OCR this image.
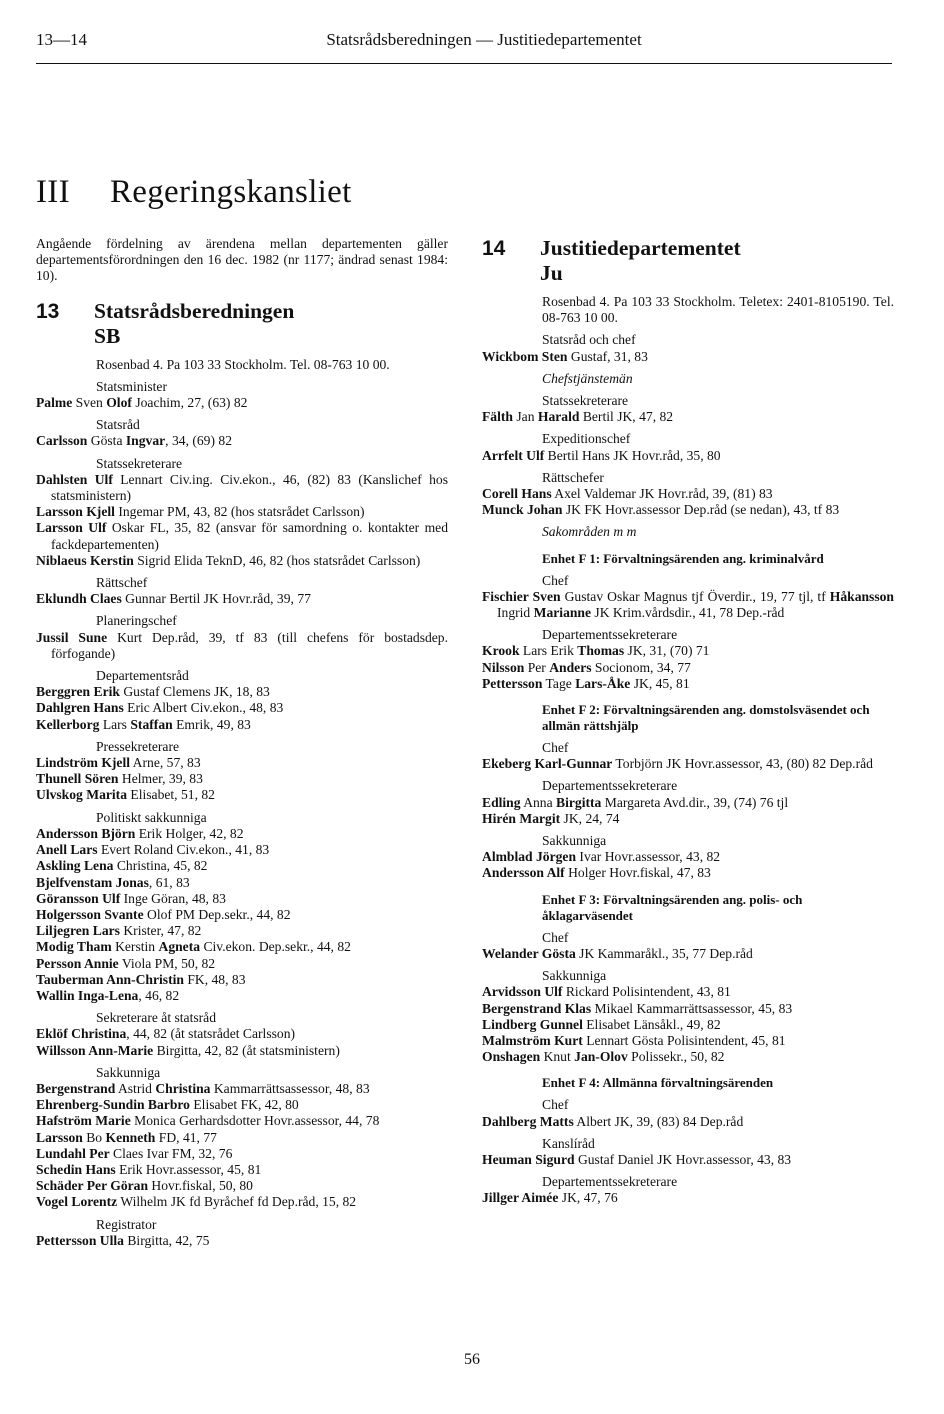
13—14	Statsrådsberedningen — Justitiedepartementet
III Regeringskansliet
Angående fördelning av ärendena mellan departementen gäller departementsförordningen den 16 dec. 1982 (nr 1177; ändrad senast 1984: 10).
13 Statsrådsberedningen
SB
Rosenbad 4. Pa 103 33 Stockholm. Tel. 08-763 10 00.
Statsminister
Palme Sven Olof Joachim, 27, (63) 82
Statsråd
Carlsson Gösta Ingvar, 34, (69) 82
Statssekreterare
Dahlsten Ulf Lennart Civ.ing. Civ.ekon., 46, (82) 83 (Kanslichef hos statsministern)
Larsson Kjell Ingemar PM, 43, 82 (hos statsrådet Carlsson)
Larsson Ulf Oskar FL, 35, 82 (ansvar för samordning o. kontakter med fackdepartementen)
Niblaeus Kerstin Sigrid Elida TeknD, 46, 82 (hos statsrådet Carlsson)
Rättschef
Eklundh Claes Gunnar Bertil JK Hovr.råd, 39, 77
Planeringschef
Jussil Sune Kurt Dep.råd, 39, tf 83 (till chefens för bostadsdep. förfogande)
Departementsråd
Berggren Erik Gustaf Clemens JK, 18, 83
Dahlgren Hans Eric Albert Civ.ekon., 48, 83
Kellerborg Lars Staffan Emrik, 49, 83
Pressekreterare
Lindström Kjell Arne, 57, 83
Thunell Sören Helmer, 39, 83
Ulvskog Marita Elisabet, 51, 82
Politiskt sakkunniga
Andersson Björn Erik Holger, 42, 82
Anell Lars Evert Roland Civ.ekon., 41, 83
Askling Lena Christina, 45, 82
Bjelfvenstam Jonas, 61, 83
Göransson Ulf Inge Göran, 48, 83
Holgersson Svante Olof PM Dep.sekr., 44, 82
Liljegren Lars Krister, 47, 82
Modig Tham Kerstin Agneta Civ.ekon. Dep.sekr., 44, 82
Persson Annie Viola PM, 50, 82
Tauberman Ann-Christin FK, 48, 83
Wallin Inga-Lena, 46, 82
Sekreterare åt statsråd
Eklöf Christina, 44, 82 (åt statsrådet Carlsson)
Willsson Ann-Marie Birgitta, 42, 82 (åt statsministern)
Sakkunniga
Bergenstrand Astrid Christina Kammarrättsassessor, 48, 83
Ehrenberg-Sundin Barbro Elisabet FK, 42, 80
Hafström Marie Monica Gerhardsdotter Hovr.assessor, 44, 78
Larsson Bo Kenneth FD, 41, 77
Lundahl Per Claes Ivar FM, 32, 76
Schedin Hans Erik Hovr.assessor, 45, 81
Schäder Per Göran Hovr.fiskal, 50, 80
Vogel Lorentz Wilhelm JK fd Byråchef fd Dep.råd, 15, 82
Registrator
Pettersson Ulla Birgitta, 42, 75
14 Justitiedepartementet
Ju
Rosenbad 4. Pa 103 33 Stockholm. Teletex: 2401-8105190. Tel. 08-763 10 00.
Statsråd och chef
Wickbom Sten Gustaf, 31, 83
Chefstjänstemän
Statssekreterare
Fälth Jan Harald Bertil JK, 47, 82
Expeditionschef
Arrfelt Ulf Bertil Hans JK Hovr.råd, 35, 80
Rättschefer
Corell Hans Axel Valdemar JK Hovr.råd, 39, (81) 83
Munck Johan JK FK Hovr.assessor Dep.råd (se nedan), 43, tf 83
Sakområden m m
Enhet F 1: Förvaltningsärenden ang. kriminalvård
Chef
Fischier Sven Gustav Oskar Magnus tjf Överdir., 19, 77 tjl, tf Håkansson Ingrid Marianne JK Krim.vårdsdir., 41, 78 Dep.-råd
Departementssekreterare
Krook Lars Erik Thomas JK, 31, (70) 71
Nilsson Per Anders Socionom, 34, 77
Pettersson Tage Lars-Åke JK, 45, 81
Enhet F 2: Förvaltningsärenden ang. domstolsväsendet och allmän rättshjälp
Chef
Ekeberg Karl-Gunnar Torbjörn JK Hovr.assessor, 43, (80) 82 Dep.råd
Departementssekreterare
Edling Anna Birgitta Margareta Avd.dir., 39, (74) 76 tjl
Hirén Margit JK, 24, 74
Sakkunniga
Almblad Jörgen Ivar Hovr.assessor, 43, 82
Andersson Alf Holger Hovr.fiskal, 47, 83
Enhet F 3: Förvaltningsärenden ang. polis- och åklagarväsendet
Chef
Welander Gösta JK Kammaråkl., 35, 77 Dep.råd
Sakkunniga
Arvidsson Ulf Rickard Polisintendent, 43, 81
Bergenstrand Klas Mikael Kammarrättsassessor, 45, 83
Lindberg Gunnel Elisabet Länsåkl., 49, 82
Malmström Kurt Lennart Gösta Polisintendent, 45, 81
Onshagen Knut Jan-Olov Polissekr., 50, 82
Enhet F 4: Allmänna förvaltningsärenden
Chef
Dahlberg Matts Albert JK, 39, (83) 84 Dep.råd
Kanslíråd
Heuman Sigurd Gustaf Daniel JK Hovr.assessor, 43, 83
Departementssekreterare
Jillger Aimée JK, 47, 76
56
